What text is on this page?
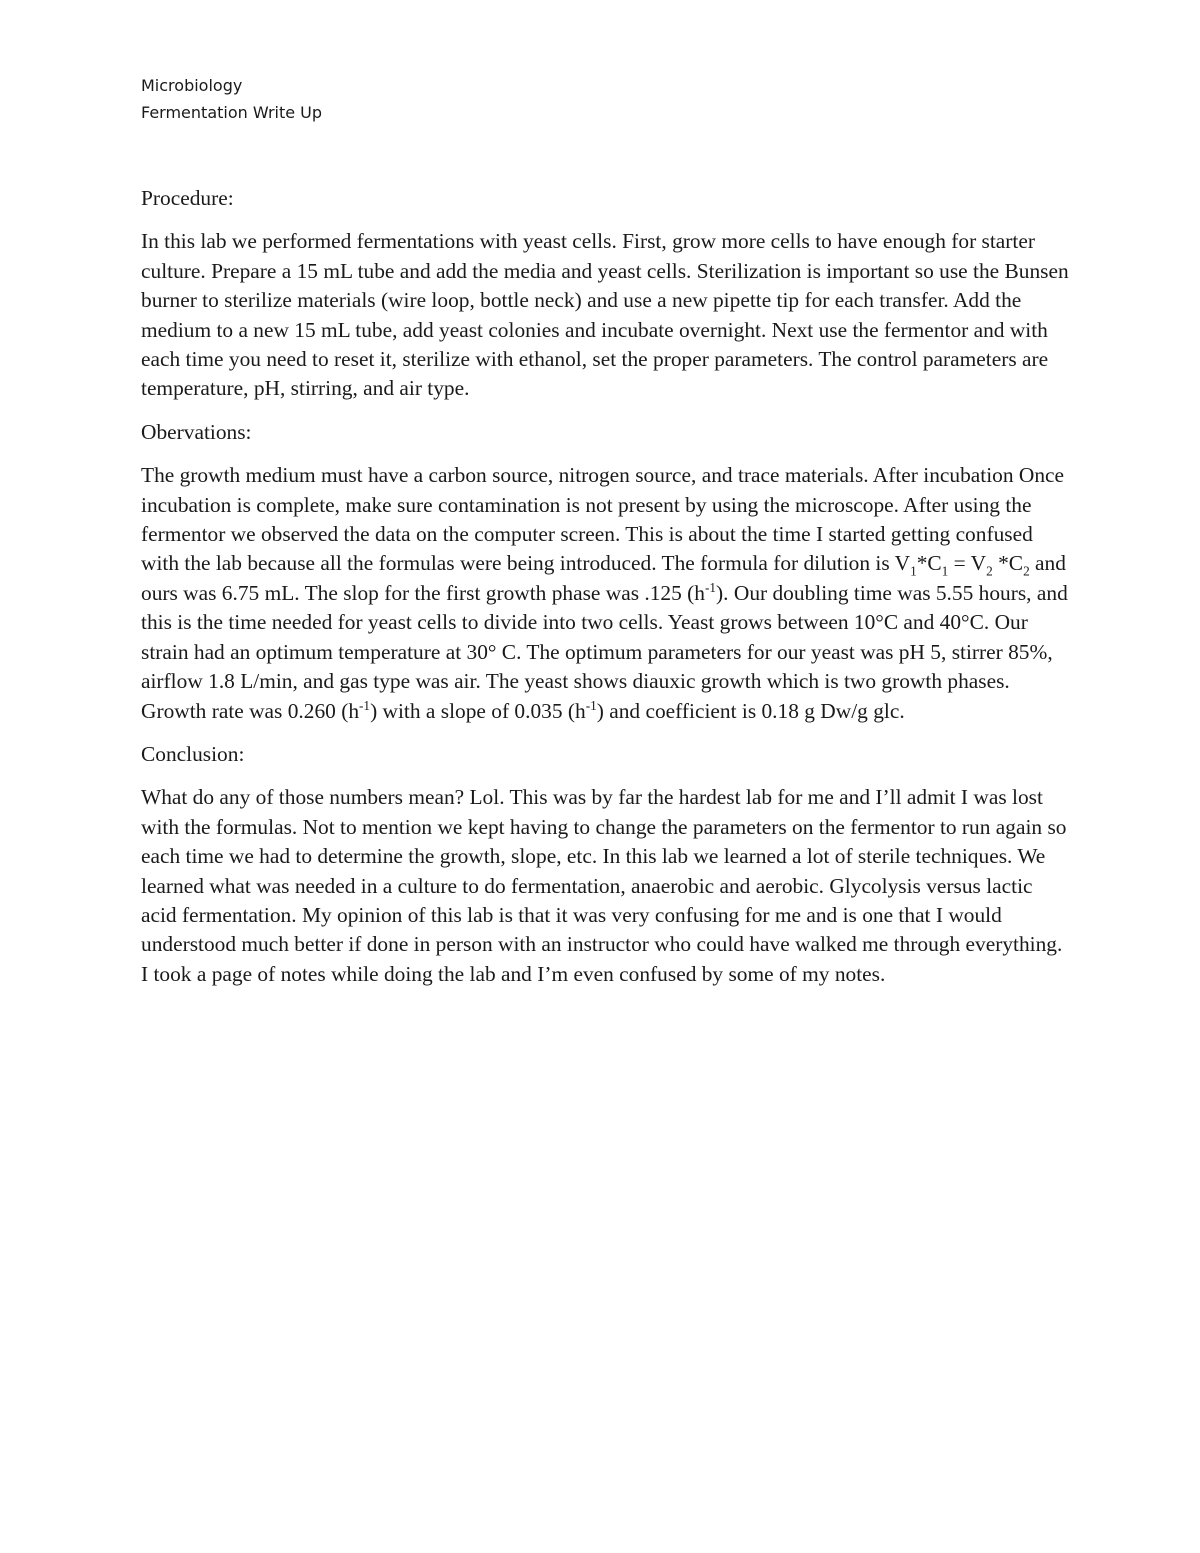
Microbiology
Fermentation Write Up

Procedure:

In this lab we performed fermentations with yeast cells. First, grow more cells to have enough for starter culture. Prepare a 15 mL tube and add the media and yeast cells. Sterilization is important so use the Bunsen burner to sterilize materials (wire loop, bottle neck) and use a new pipette tip for each transfer. Add the medium to a new 15 mL tube, add yeast colonies and incubate overnight. Next use the fermentor and with each time you need to reset it, sterilize with ethanol, set the proper parameters. The control parameters are temperature, pH, stirring, and air type.

Obervations:

The growth medium must have a carbon source, nitrogen source, and trace materials. After incubation Once incubation is complete, make sure contamination is not present by using the microscope. After using the fermentor we observed the data on the computer screen. This is about the time I started getting confused with the lab because all the formulas were being introduced. The formula for dilution is $V_1*C_1 = V_2$ $*C_2$ and ours was 6.75 mL. The slop for the first growth phase was .125 $(h^{-1})$. Our doubling time was 5.55 hours, and this is the time needed for yeast cells to divide into two cells. Yeast grows between 10°C and 40°C. Our strain had an optimum temperature at 30° C. The optimum parameters for our yeast was pH 5, stirrer 85%, airflow 1.8 L/min, and gas type was air. The yeast shows diauxic growth which is two growth phases. Growth rate was 0.260 $(h^{-1})$ with a slope of 0.035 $(h^{-1})$ and coefficient is 0.18 g Dw/g glc.

Conclusion:

What do any of those numbers mean? Lol. This was by far the hardest lab for me and I’ll admit I was lost with the formulas. Not to mention we kept having to change the parameters on the fermentor to run again so each time we had to determine the growth, slope, etc. In this lab we learned a lot of sterile techniques. We learned what was needed in a culture to do fermentation, anaerobic and aerobic. Glycolysis versus lactic acid fermentation. My opinion of this lab is that it was very confusing for me and is one that I would understood much better if done in person with an instructor who could have walked me through everything. I took a page of notes while doing the lab and I’m even confused by some of my notes.
